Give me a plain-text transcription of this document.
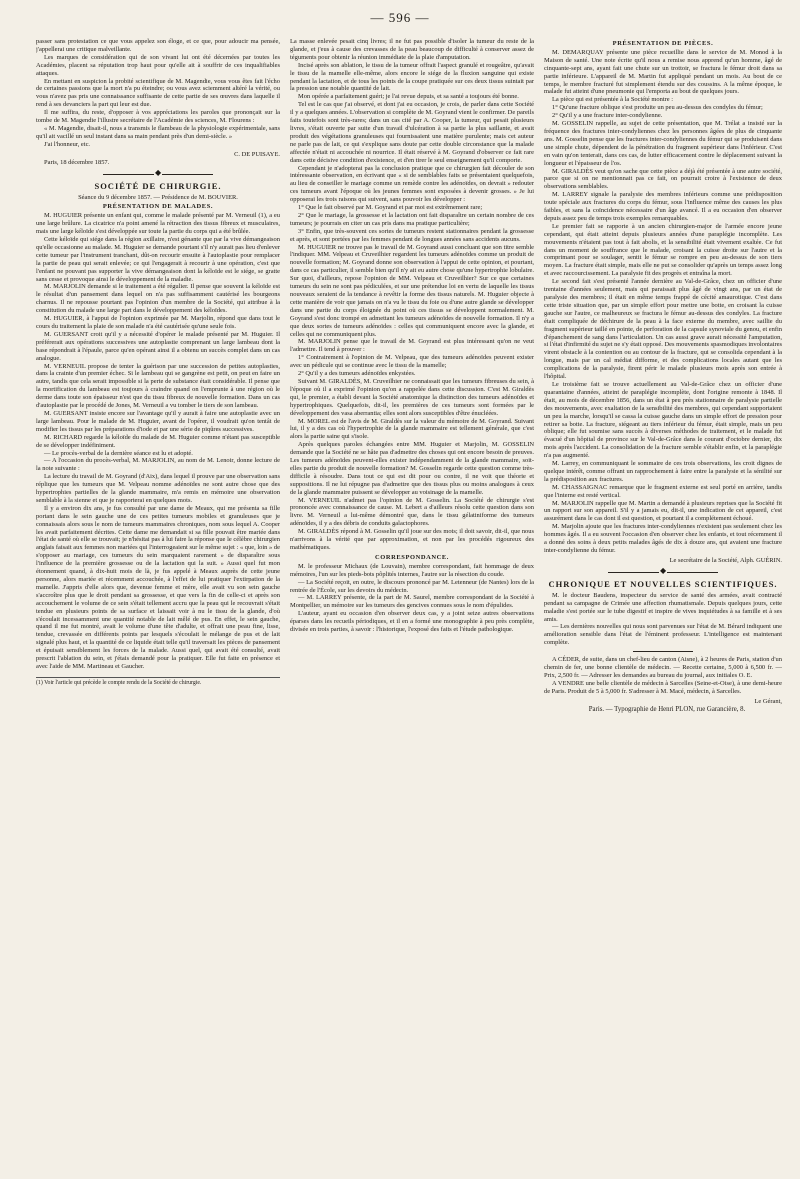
— 596 —

passer sans protestation ce que vous appelez son éloge, et ce que, pour adoucir ma pensée, j'appellerai une critique malveillante.

Les marques de considération qui de son vivant lui ont été décernées par toutes les Académies, placent sa réputation trop haut pour qu'elle ait à souffrir de ces inqualifiables attaques.

En mettant en suspicion la probité scientifique de M. Magendie, vous vous êtes fait l'écho de certaines passions que la mort n'a pu éteindre; ou vous avez sciemment altéré la vérité, ou vous n'avez pas pris une connaissance suffisante de cette partie de ses œuvres dans laquelle il rend à ses devanciers la part qui leur est due.

Il me suffira, du reste, d'opposer à vos appréciations les paroles que prononçait sur la tombe de M. Magendie l'illustre secrétaire de l'Académie des sciences, M. Flourens :

« M. Magendie, disait-il, nous a transmis le flambeau de la physiologie expérimentale, sans qu'il ait vacillé un seul instant dans sa main pendant près d'un demi-siècle. »

J'ai l'honneur, etc.

C. DE PUISAYE.

Paris, 18 décembre 1857.

◆
SOCIÉTÉ DE CHIRURGIE.
Séance du 9 décembre 1857. — Présidence de M. BOUVIER.
PRÉSENTATION DE MALADES.

M. HUGUIER présente un enfant qui, comme le malade présenté par M. Verneuil (1), a eu une large brûlure. La cicatrice n'a point amené la rétraction des tissus fibreux et musculaires, mais une large kéloïde s'est développée sur toute la partie du corps qui a été brûlée.

Cette kéloïde qui siége dans la région axillaire, n'est génante que par la vive démangeaison qu'elle occasionne au malade. M. Huguier se demande pourtant s'il n'y aurait pas lieu d'enlever cette tumeur par l'instrument tranchant, dût-on recourir ensuite à l'autoplastie pour remplacer la partie de peau qui serait enlevée; ce qui l'engagerait à recourir à une opération, c'est que l'enfant ne pouvant pas supporter la vive démangeaison dont la kéloïde est le siége, se gratte sans cesse et provoque ainsi le développement de la maladie.

M. MARJOLIN demande si le traitement a été régulier. Il pense que souvent la kéloïde est le résultat d'un pansement dans lequel on n'a pas suffisamment cautérisé les bourgeons charnus. Il ne repousse pourtant pas l'opinion d'un membre de la Société, qui attribue à la constitution du malade une large part dans le développement des kéloïdes.

M. HUGUIER, à l'appui de l'opinion exprimée par M. Marjolin, répond que dans tout le cours du traitement la plaie de son malade n'a été cautérisée qu'une seule fois.

M. GUERSANT croit qu'il y a nécessité d'opérer le malade présenté par M. Huguier. Il préférerait aux opérations successives une autoplastie comprenant un large lambeau dont la base répondrait à l'épaule, parce qu'en opérant ainsi il a obtenu un succès complet dans un cas analogue.

M. VERNEUIL propose de tenter la guérison par une succession de petites autoplasties, dans la crainte d'un premier échec. Si le lambeau qui se gangrène est petit, on peut en faire un autre, tandis que cela serait impossible si la perte de substance était considérable. Il pense que la mortification du lambeau est toujours à craindre quand on l'emprunte à une région où le derme dans toute son épaisseur n'est que du tissu fibreux de nouvelle formation. Dans un cas d'autoplastie par le procédé de Jones, M. Verneuil a vu tomber le tiers de son lambeau.

M. GUERSANT insiste encore sur l'avantage qu'il y aurait à faire une autoplastie avec un large lambeau. Pour le malade de M. Huguier, avant de l'opérer, il voudrait qu'on tentât de modifier les tissus par les préparations d'iode et par une série de piqûres successives.

M. RICHARD regarde la kéloïde du malade de M. Huguier comme n'étant pas susceptible de se développer indéfiniment.

— Le procès-verbal de la dernière séance est lu et adopté.

— A l'occasion du procès-verbal, M. MARJOLIN, au nom de M. Lenoir, donne lecture de la note suivante :

La lecture du travail de M. Goyrand (d'Aix), dans lequel il prouve par une observation sans réplique que les tumeurs que M. Velpeau nomme adénoïdes ne sont autre chose que des hypertrophies partielles de la glande mammaire, m'a remis en mémoire une observation semblable à la sienne et que je rapporterai en quelques mots.

Il y a environ dix ans, je fus consulté par une dame de Meaux, qui me présenta sa fille portant dans le sein gauche une de ces petites tumeurs mobiles et granuleuses que je connaissais alors sous le nom de tumeurs mammaires chroniques, nom sous lequel A. Cooper les avait parfaitement décrites. Cette dame me demandait si sa fille pouvait être mariée dans l'état de santé où elle se trouvait; je n'hésitai pas à lui faire la réponse que le célèbre chirurgien anglais faisait aux femmes non mariées qui l'interrogeaient sur le même sujet : « que, loin » de s'opposer au mariage, ces tumeurs du sein marquaient rarement » de disparaître sous l'influence de la première grossesse ou de la lactation qui la suit. » Aussi quel fut mon étonnement quand, à dix-huit mois de là, je fus appelé à Meaux auprès de cette jeune personne, alors mariée et récemment accouchée, à l'effet de lui pratiquer l'extirpation de la mamelle. J'appris d'elle alors que, devenue femme et mère, elle avait vu son sein gauche s'accroître plus que le droit pendant sa grossesse, et que vers la fin de celle-ci et après son accouchement le volume de ce sein s'était tellement accru que la peau qui le recouvrait s'était tendue en plusieurs points de sa surface et laissait voir à nu le tissu de la glande, d'où s'écoulait incessamment une quantité notable de lait mêlé de pus. En effet, le sein gauche, quand il me fut montré, avait le volume d'une tête d'adulte, et offrait une peau fine, lisse, tendue, crevassée en différents points par lesquels s'écoulait le mélange de pus et de lait signalé plus haut, et la quantité de ce liquide était telle qu'il traversait les pièces de pansement et épuisait sensiblement les forces de la malade. Aussi quel, qui avait été consulté, avait prescrit l'ablation du sein, et j'étais demandé pour la pratiquer. Elle fut faite en présence et avec l'aide de MM. Martineau et Gaucher.

(1) Voir l'article qui précède le compte rendu de la Société de chirurgie.

La masse enlevée pesait cinq livres; il ne fut pas possible d'isoler la tumeur du reste de la glande, et j'eus à cause des crevasses de la peau beaucoup de difficulté à conserver assez de téguments pour obtenir la réunion immédiate de la plaie d'amputation.

Incisé après son ablation, le tissu de la tumeur offrait l'aspect granulé et rougeâtre, qu'avait le tissu de la mamelle elle-même, alors encore le siége de la fluxion sanguine qui existe pendant la lactation, et de tous les points de la coupe pratiquée sur ces deux tissus suintait par la pression une notable quantité de lait.

Mon opérée a parfaitement guéri; je l'ai revue depuis, et sa santé a toujours été bonne.

Tel est le cas que j'ai observé, et dont j'ai eu occasion, je crois, de parler dans cette Société il y a quelques années. L'observation si complète de M. Goyrand vient le confirmer. De pareils faits toutefois sont très-rares; dans un cas cité par A. Cooper, la tumeur, qui pesait plusieurs livres, s'était ouverte par suite d'un travail d'ulcération à sa partie la plus saillante, et avait produit des végétations granuleuses qui fournissaient une matière purulente; mais cet auteur ne parle pas de lait, ce qui s'explique sans doute par cette double circonstance que la malade affectée n'était ni accouchée ni nourrice. Il était réservé à M. Goyrand d'observer ce fait rare dans cette décisive condition d'existence, et d'en tirer le seul enseignement qu'il comporte.

Cependant je n'adopterai pas la conclusion pratique que ce chirurgien fait découler de son intéressante observation, en écrivant que « si de semblables faits se présentaient quelquefois, au lieu de conseiller le mariage comme un remède contre les adénoïdes, on devrait » redouter ces tumeurs avant l'époque où les jeunes femmes sont exposées à devenir grosses. » Je lui opposerai les trois raisons qui suivent, sans pouvoir les développer :

1° Que le fait observé par M. Goyrand et par moi est extrêmement rare;

2° Que le mariage, la grossesse et la lactation ont fait disparaître un certain nombre de ces tumeurs; je pourrais en citer un cas pris dans ma pratique particulière;

3° Enfin, que très-souvent ces sortes de tumeurs restent stationnaires pendant la grossesse et après, et sont portées par les femmes pendant de longues années sans accidents aucuns.

M. HUGUIER ne trouve pas le travail de M. Goyrand aussi concluant que son titre semble l'indiquer. MM. Velpeau et Cruveilhier regardent les tumeurs adénoïdes comme un produit de nouvelle formation; M. Goyrand donne son observation à l'appui de cette opinion, et pourtant, dans ce cas particulier, il semble bien qu'il n'y ait eu autre chose qu'une hypertrophie lobulaire. Sur quoi, d'ailleurs, repose l'opinion de MM. Velpeau et Cruveilhier? Sur ce que certaines tumeurs du sein ne sont pas pédiculées, et sur une prétendue loi en vertu de laquelle les tissus nouveaux seraient de la tendance à revêtir la forme des tissus naturels. M. Huguier objecte à cette manière de voir que jamais on n'a vu le tissu du foie ou d'une autre glande se développer dans une partie du corps éloignée du point où ces tissus se développent normalement. M. Goyrand s'est donc trompé en admettant les tumeurs adénoïdes de nouvelle formation. Il n'y a que deux sortes de tumeurs adénoïdes : celles qui communiquent encore avec la glande, et celles qui ne communiquent plus.

M. MARJOLIN pense que le travail de M. Goyrand est plus intéressant qu'on ne veut l'admettre. Il tend à prouver :

1° Contrairement à l'opinion de M. Velpeau, que des tumeurs adénoïdes peuvent exister avec un pédicule qui se continue avec le tissu de la mamelle;

2° Qu'il y a des tumeurs adénoïdes enkystées.

Suivant M. GIRALDÈS, M. Cruveilhier ne connaissait que les tumeurs fibreuses du sein, à l'époque où il a exprimé l'opinion qu'on a rappelée dans cette discussion. C'est M. Giraldès qui, le premier, a établi devant la Société anatomique la distinction des tumeurs adénoïdes et hypertrophiques. Quelquefois, dit-il, les premières de ces tumeurs sont formées par le développement des vasa aberrantia; elles sont alors susceptibles d'être énucléées.

M. MOREL est de l'avis de M. Giraldès sur la valeur du mémoire de M. Goyrand. Suivant lui, il y a des cas où l'hypertrophie de la glande mammaire est tellement générale, que c'est alors la partie saine qui s'isole.

Après quelques paroles échangées entre MM. Huguier et Marjolin, M. GOSSELIN demande que la Société ne se hâte pas d'admettre des choses qui ont encore besoin de preuves. Les tumeurs adénoïdes peuvent-elles exister indépendamment de la glande mammaire, soit-elles partie du produit de nouvelle formation? M. Gosselin regarde cette question comme très-difficile à résoudre. Dans tout ce qui est dit pour ou contre, il ne voit que théorie et suppositions. Il ne lui répugne pas d'admettre que des tissus plus ou moins analogues à ceux de la glande mammaire puissent se développer au voisinage de la mamelle.

M. VERNEUIL n'admet pas l'opinion de M. Gosselin. La Société de chirurgie s'est prononcée avec connaissance de cause. M. Lebert a d'ailleurs résolu cette question dans son livre. M. Verneuil a lui-même démontré que, dans le tissu gélatiniforme des tumeurs adénoïdes, il y a des débris de conduits galactophores.

M. GIRALDÈS répond à M. Gosselin qu'il joue sur des mots; il doit savoir, dit-il, que nous n'arrivons à la vérité que par approximation, et non par les procédés rigoureux des mathématiques.

CORRESPONDANCE.

M. le professeur Michaux (de Louvain), membre correspondant, fait hommage de deux mémoires, l'un sur les pieds-bots pôplités internes, l'autre sur la résection du coude.

— La Société reçoit, en outre, le discours prononcé par M. Letenneur (de Nantes) lors de la rentrée de l'École, sur les devoirs du médecin.

— M. LARREY présente, de la part de M. Saurel, membre correspondant de la Société à Montpellier, un mémoire sur les tumeurs des gencives connues sous le nom d'épulides.

L'auteur, ayant eu occasion d'en observer deux cas, y a joint seize autres observations éparses dans les recueils périodiques, et il en a formé une monographie à peu près complète, divisée en trois parties, à savoir : l'historique, l'exposé des faits et l'étude pathologique.

PRÉSENTATION DE PIÈCES.

M. DEMARQUAY présente une pièce recueillie dans le service de M. Monod à la Maison de santé. Une note écrite qu'il nous a remise nous apprend qu'un homme, âgé de cinquante-sept ans, ayant fait une chute sur un trottoir, se fractura le fémur droit dans sa partie inférieure. L'appareil de M. Martin fut appliqué pendant un mois. Au bout de ce temps, le membre fracturé fut simplement étendu sur des coussins. A la même époque, le malade fut atteint d'une pneumonie qui l'emporta au bout de quelques jours.

La pièce qui est présentée à la Société montre :

1° Qu'une fracture oblique s'est produite un peu au-dessus des condyles du fémur;

2° Qu'il y a une fracture inter-condylienne.

M. GOSSELIN rappelle, au sujet de cette présentation, que M. Trélat a insisté sur la fréquence des fractures inter-condyliennes chez les personnes âgées de plus de cinquante ans. M. Gosselin pense que les fractures inter-condyliennes du fémur qui se produisent dans une simple chute, dépendent de la pénétration du fragment supérieur dans l'inférieur. C'est en vain qu'on tenterait, dans ces cas, de lutter efficacement contre le déplacement suivant la longueur et l'épaisseur de l'os.

M. GIRALDÈS veut qu'on sache que cette pièce a déjà été présentée à une autre société, parce que si on ne mentionnait pas ce fait, on pourrait croire à l'existence de deux observations semblables.

M. LARREY signale la paralysie des membres inférieurs comme une prédisposition toute spéciale aux fractures du corps du fémur, sous l'influence même des causes les plus faibles, et sans la coïncidence nécessaire d'un âge avancé. Il a eu occasion d'en observer depuis assez peu de temps trois exemples remarquables.

Le premier fait se rapporte à un ancien chirurgien-major de l'armée encore jeune cependant, qui était atteint depuis plusieurs années d'une paraplégie incomplète. Les mouvements n'étaient pas tout à fait abolis, et la sensibilité était vivement exaltée. Ce fut dans un moment de souffrance que le malade, croisant la cuisse droite sur l'autre et la comprimant pour se soulager, sentit le fémur se rompre en peu au-dessus de son tiers moyen. La fracture était simple, mais elle ne put se consolider qu'après un temps assez long et avec raccourcissement. La paralysie fit des progrès et entraîna la mort.

Le second fait s'est présenté l'année dernière au Val-de-Grâce, chez un officier d'une trentaine d'années seulement, mais qui paraissait plus âgé de vingt ans, par un état de paralysie des membres; il était en même temps frappé de cécité amaurotique. C'est dans cette triste situation que, par un simple effort pour mettre une botte, en croisant la cuisse gauche sur l'autre, ce malheureux se fractura le fémur au-dessus des condyles. La fracture était compliquée de déchirure de la peau à la face externe du membre, avec saillie du fragment supérieur taillé en pointe, de perforation de la capsule synoviale du genou, et enfin d'épanchement de sang dans l'articulation. Un cas aussi grave aurait nécessité l'amputation, si l'état d'infirmité du sujet ne s'y était opposé. Des mouvements spasmodiques involontaires virent obstacle à la contention ou au contour de la fracture, qui se consolida cependant à la longue, mais par un cal médiat difforme, et des complications locales autant que les complications de la paralysie, firent périr le malade plusieurs mois après son entrée à l'hôpital.

Le troisième fait se trouve actuellement au Val-de-Grâce chez un officier d'une quarantaine d'années, atteint de paraplégie incomplète, dont l'origine remonte à 1848. Il était, au mois de décembre 1856, dans un état à peu près stationnaire de paralysie partielle des mouvements, avec exaltation de la sensibilité des membres, qui cependant supportaient un peu la marche, lorsqu'il se cassa la cuisse gauche dans un simple effort de pression pour retirer sa botte. La fracture, siégeant au tiers inférieur du fémur, était simple, mais un peu oblique; elle fut soumise sans succès à diverses méthodes de traitement, et le malade fut évacué d'un hôpital de province sur le Val-de-Grâce dans le courant d'octobre dernier, dix mois après l'accident. La consolidation de la fracture semble s'établir enfin, et la paraplégie n'a pas augmenté.

M. Larrey, en communiquant le sommaire de ces trois observations, les croit dignes de quelque intérêt, comme offrant un rapprochement à faire entre la paralysie et la sénilité sur la prédisposition aux fractures.

M. CHASSAIGNAC remarque que le fragment externe est seul porté en arrière, tandis que l'interne est resté vertical.

M. MARJOLIN rappelle que M. Martin a demandé à plusieurs reprises que la Société fit un rapport sur son appareil. S'il y a jamais eu, dit-il, une indication de cet appareil, c'est assurément dans le cas dont il est question, et pourtant il a complétement échoué.

M. Marjolin ajoute que les fractures inter-condyliennes n'existent pas seulement chez les hommes âgés. Il a eu souvent l'occasion d'en observer chez les enfants, et tout récemment il a donné des soins à deux petits malades âgés de dix à douze ans, qui avaient une fracture inter-condylienne du fémur.

Le secrétaire de la Société, Alph. GUÉRIN.

◆
CHRONIQUE ET NOUVELLES SCIENTIFIQUES.

M. le docteur Baudens, inspecteur du service de santé des armées, avait contracté pendant sa campagne de Crimée une affection rhumatismale. Depuis quelques jours, cette maladie s'est portée sur le tube digestif et inspire de vives inquiétudes à sa famille et à ses amis.

— Les dernières nouvelles qui nous sont parvenues sur l'état de M. Bérard indiquent une amélioration sensible dans l'état de l'éminent professeur. L'intelligence est maintenant complète.

A CÉDER, de suite, dans un chef-lieu de canton (Aisne), à 2 heures de Paris, station d'un chemin de fer, une bonne clientèle de médecin. — Recette certaine, 5,000 à 6,500 fr. — Prix, 2,500 fr. — Adresser les demandes au bureau du journal, aux initiales O. E.

A VENDRE une belle clientèle de médecin à Sarcelles (Seine-et-Oise), à une demi-heure de Paris. Produit de 5 à 5,000 fr. S'adresser à M. Macé, médecin, à Sarcelles.

Le Gérant,

Paris. — Typographie de Henri PLON, rue Garancière, 8.
